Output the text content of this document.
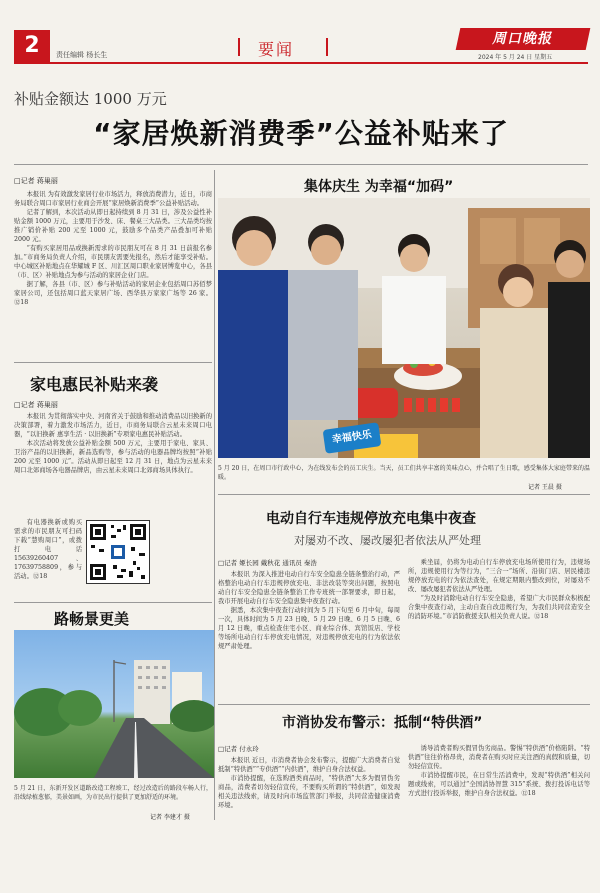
2	责任编辑 杨长生	要闻
周口晚报
2024 年 5 月 24 日 星期五
补贴金额达 1000 万元
“家居焕新消费季”公益补贴来了
□记者 蒋巢丽

本报讯 为有效激发家居行业市场活力，释放消费潜力，近日，市商务局联合周口市家居行业商会开展“家居焕新消费季”公益补贴活动。

记者了解到，本次活动从即日起持续到 8 月 31 日，涉及公益性补贴金额 1000 万元，主要用于沙发、床、餐桌三大品类。三大品类均按推广销价补贴 200 元至 1000 元，鼓励多个品类产品叠加可补贴 2000 元。

“有购买家居用品或换新需求的市民朋友可在 8 月 31 日前报名参加。”市商务局负责人介绍，市民朋友需要先报名，然后才能享受补贴。中心城区补贴地点在华耀城 F 区、川汇区周口职业家居博览中心，各县（市、区）补贴地点为参与活动的家居企业门店。

据了解，各县（市、区）参与补贴活动的家居企业包括周口苏佰梦家居公司，还包括周口蓝天家居广场、西华县万家家广场等 26 家。⑫18

家电惠民补贴来袭
□记者 蒋巢丽

本报讯 为贯彻落实中央、河南省关于鼓励和推动消费品以旧换新的决策部署，着力激发市场活力，近日，市商务局联合云星未来周口电器，“以旧换新 惠享生活 · 以旧换新”专项家电惠民补贴活动。

本次活动将发放公益补贴金额 500 万元，主要用于家电、家具、卫浴产品的以旧换新，新品选购等，参与活动的电器品牌均按照“补贴 200 元至 1000 元”。活动从即日起至 12 月 31 日，地点为云星未来周口北郊商场各电器品牌店，由云星未来周口北郊商场具体执行。

有电器换新或购买需求的市民朋友可扫码下载“慧购周口”，或拨打电话 15639260407、17639758809，参与活动。⑫18

路畅景更美
5 月 21 日，东新开发区道路改造工程竣工，经过改造后的路段车畅人行，沿线绿植葱郁，美景如画，为市民出行提供了更加舒适的环境。
记者 李建才 摄
集体庆生 为幸福“加码”
幸福快乐
5 月 20 日，在周口市行政中心，为在线发布会的员工庆生。当天，员工们共享丰富的美味点心，并合唱了生日歌，感受集体大家庭带来的温暖。
记者 王晨 摄
电动自行车违规停放充电集中夜查
对屡劝不改、屡改屡犯者依法从严处理
□记者 姬长园 戴秋花 通讯员 秦浩

本报讯 为深入推进电动自行车安全隐患全链条整治行动，严格整治电动自行车违规停放充电、非法改装等突出问题，按照电动自行车安全隐患全链条整治工作专班统一部署要求，即日起，我市开展电动自行车安全隐患集中夜查行动。

据悉，本次集中夜查行动时间为 5 月下旬至 6 月中旬，每周一次，具体时间为 5 月 23 日晚、5 月 29 日晚、6 月 5 日晚、6 月 12 日晚，重点检查住宅小区、商业综合体、宾馆饭店、学校等场所电动自行车停放充电情况，对违规停放充电的行为依法依规严肃处理。

乘坐届，仍将为电动自行车停放充电场所使用行为，违规场所，违规使用行为等行为，“三合一”场所、沿街门店、居民楼违规停放充电的行为依法查处，在规定期限内整改到位，对屡劝不改、屡改屡犯者依法从严处理。

“为及时消除电动自行车安全隐患，希望广大市民群众积极配合集中夜查行动，主动自查自改违规行为，为我们共同营造安全的消防环境。”市消防救援支队相关负责人说。⑫18

市消协发布警示：抵制“特供酒”
□记者 付永玲

本报讯 近日，市消费者协会发布警示，提醒广大消费者自觉抵制“特供酒”“专供酒”“内供酒”，维护自身合法权益。

市消协提醒，在选购酒类商品时，“特供酒”大多为假冒伪劣商品，消费者切勿轻信宣传，不要购买所谓的“特供酒”，如发现相关违法线索，请及时向市场监管部门举报，共同营造健康消费环境。

诱导消费者购买假冒伪劣商品。警惕“特供酒”价格陷阱。“特供酒”往往价格昂贵，消费者在购买时应关注酒的真假和质量，切勿轻信宣传。

市消协提醒市民，在日常生活消费中，发现“特供酒”相关问题或线索，可以通过“全国消协智慧 315”系统、拨打投诉电话等方式进行投诉举报，维护自身合法权益。⑫18
